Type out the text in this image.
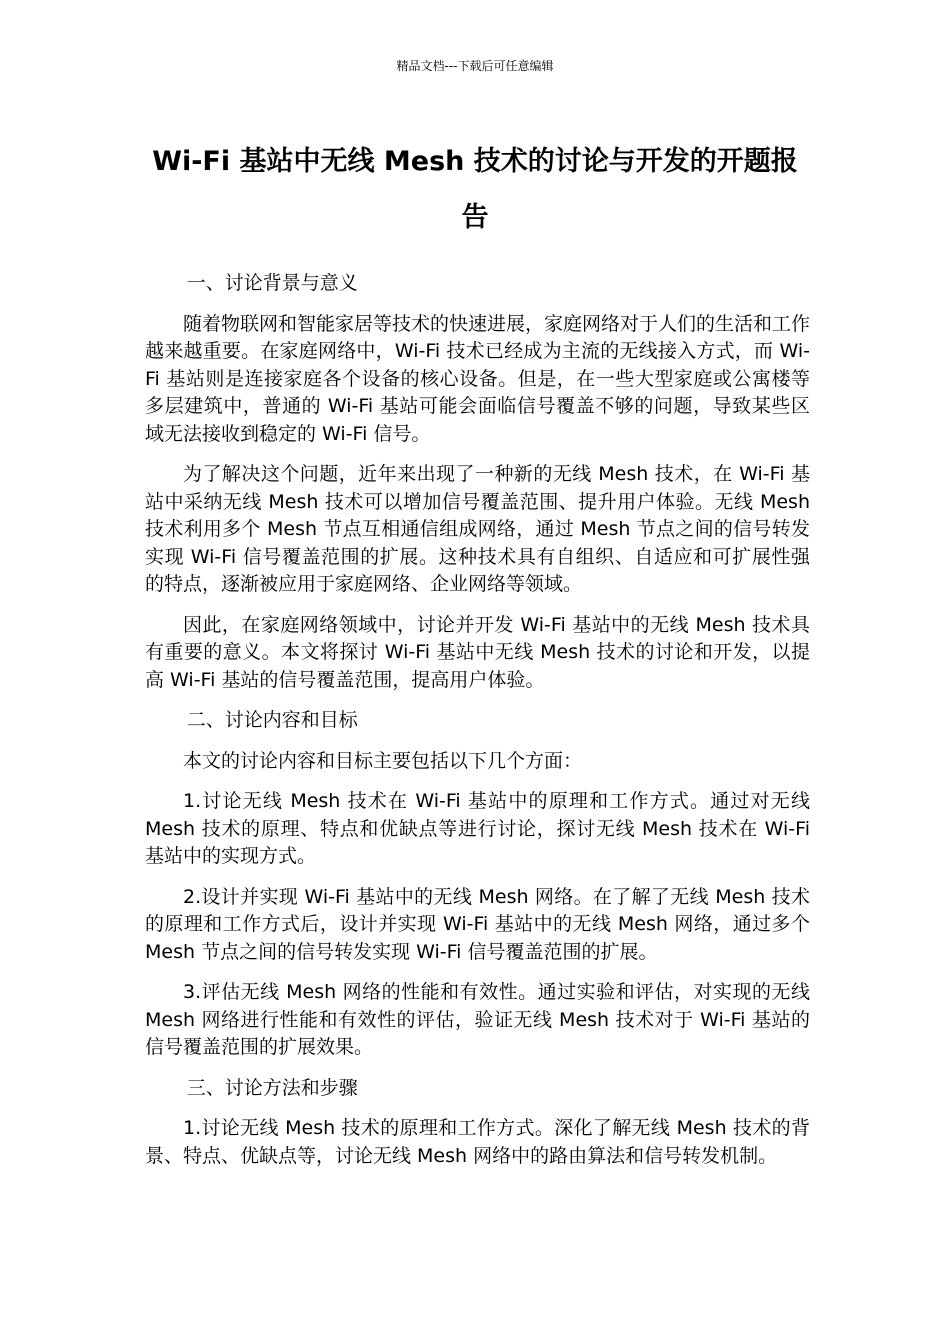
精品文档---下载后可任意编辑
Wi-Fi 基站中无线 Mesh 技术的讨论与开发的开题报告

一、讨论背景与意义

随着物联网和智能家居等技术的快速进展，家庭网络对于人们的生活和工作越来越重要。在家庭网络中，Wi-Fi 技术已经成为主流的无线接入方式，而 Wi-Fi 基站则是连接家庭各个设备的核心设备。但是，在一些大型家庭或公寓楼等多层建筑中，普通的 Wi-Fi 基站可能会面临信号覆盖不够的问题，导致某些区域无法接收到稳定的 Wi-Fi 信号。

为了解决这个问题，近年来出现了一种新的无线 Mesh 技术，在 Wi-Fi 基站中采纳无线 Mesh 技术可以增加信号覆盖范围、提升用户体验。无线 Mesh 技术利用多个 Mesh 节点互相通信组成网络，通过 Mesh 节点之间的信号转发实现 Wi-Fi 信号覆盖范围的扩展。这种技术具有自组织、自适应和可扩展性强的特点，逐渐被应用于家庭网络、企业网络等领域。

因此，在家庭网络领域中，讨论并开发 Wi-Fi 基站中的无线 Mesh 技术具有重要的意义。本文将探讨 Wi-Fi 基站中无线 Mesh 技术的讨论和开发，以提高 Wi-Fi 基站的信号覆盖范围，提高用户体验。

二、讨论内容和目标

本文的讨论内容和目标主要包括以下几个方面：

1.讨论无线 Mesh 技术在 Wi-Fi 基站中的原理和工作方式。通过对无线 Mesh 技术的原理、特点和优缺点等进行讨论，探讨无线 Mesh 技术在 Wi-Fi 基站中的实现方式。

2.设计并实现 Wi-Fi 基站中的无线 Mesh 网络。在了解了无线 Mesh 技术的原理和工作方式后，设计并实现 Wi-Fi 基站中的无线 Mesh 网络，通过多个 Mesh 节点之间的信号转发实现 Wi-Fi 信号覆盖范围的扩展。

3.评估无线 Mesh 网络的性能和有效性。通过实验和评估，对实现的无线 Mesh 网络进行性能和有效性的评估，验证无线 Mesh 技术对于 Wi-Fi 基站的信号覆盖范围的扩展效果。

三、讨论方法和步骤

1.讨论无线 Mesh 技术的原理和工作方式。深化了解无线 Mesh 技术的背景、特点、优缺点等，讨论无线 Mesh 网络中的路由算法和信号转发机制。
